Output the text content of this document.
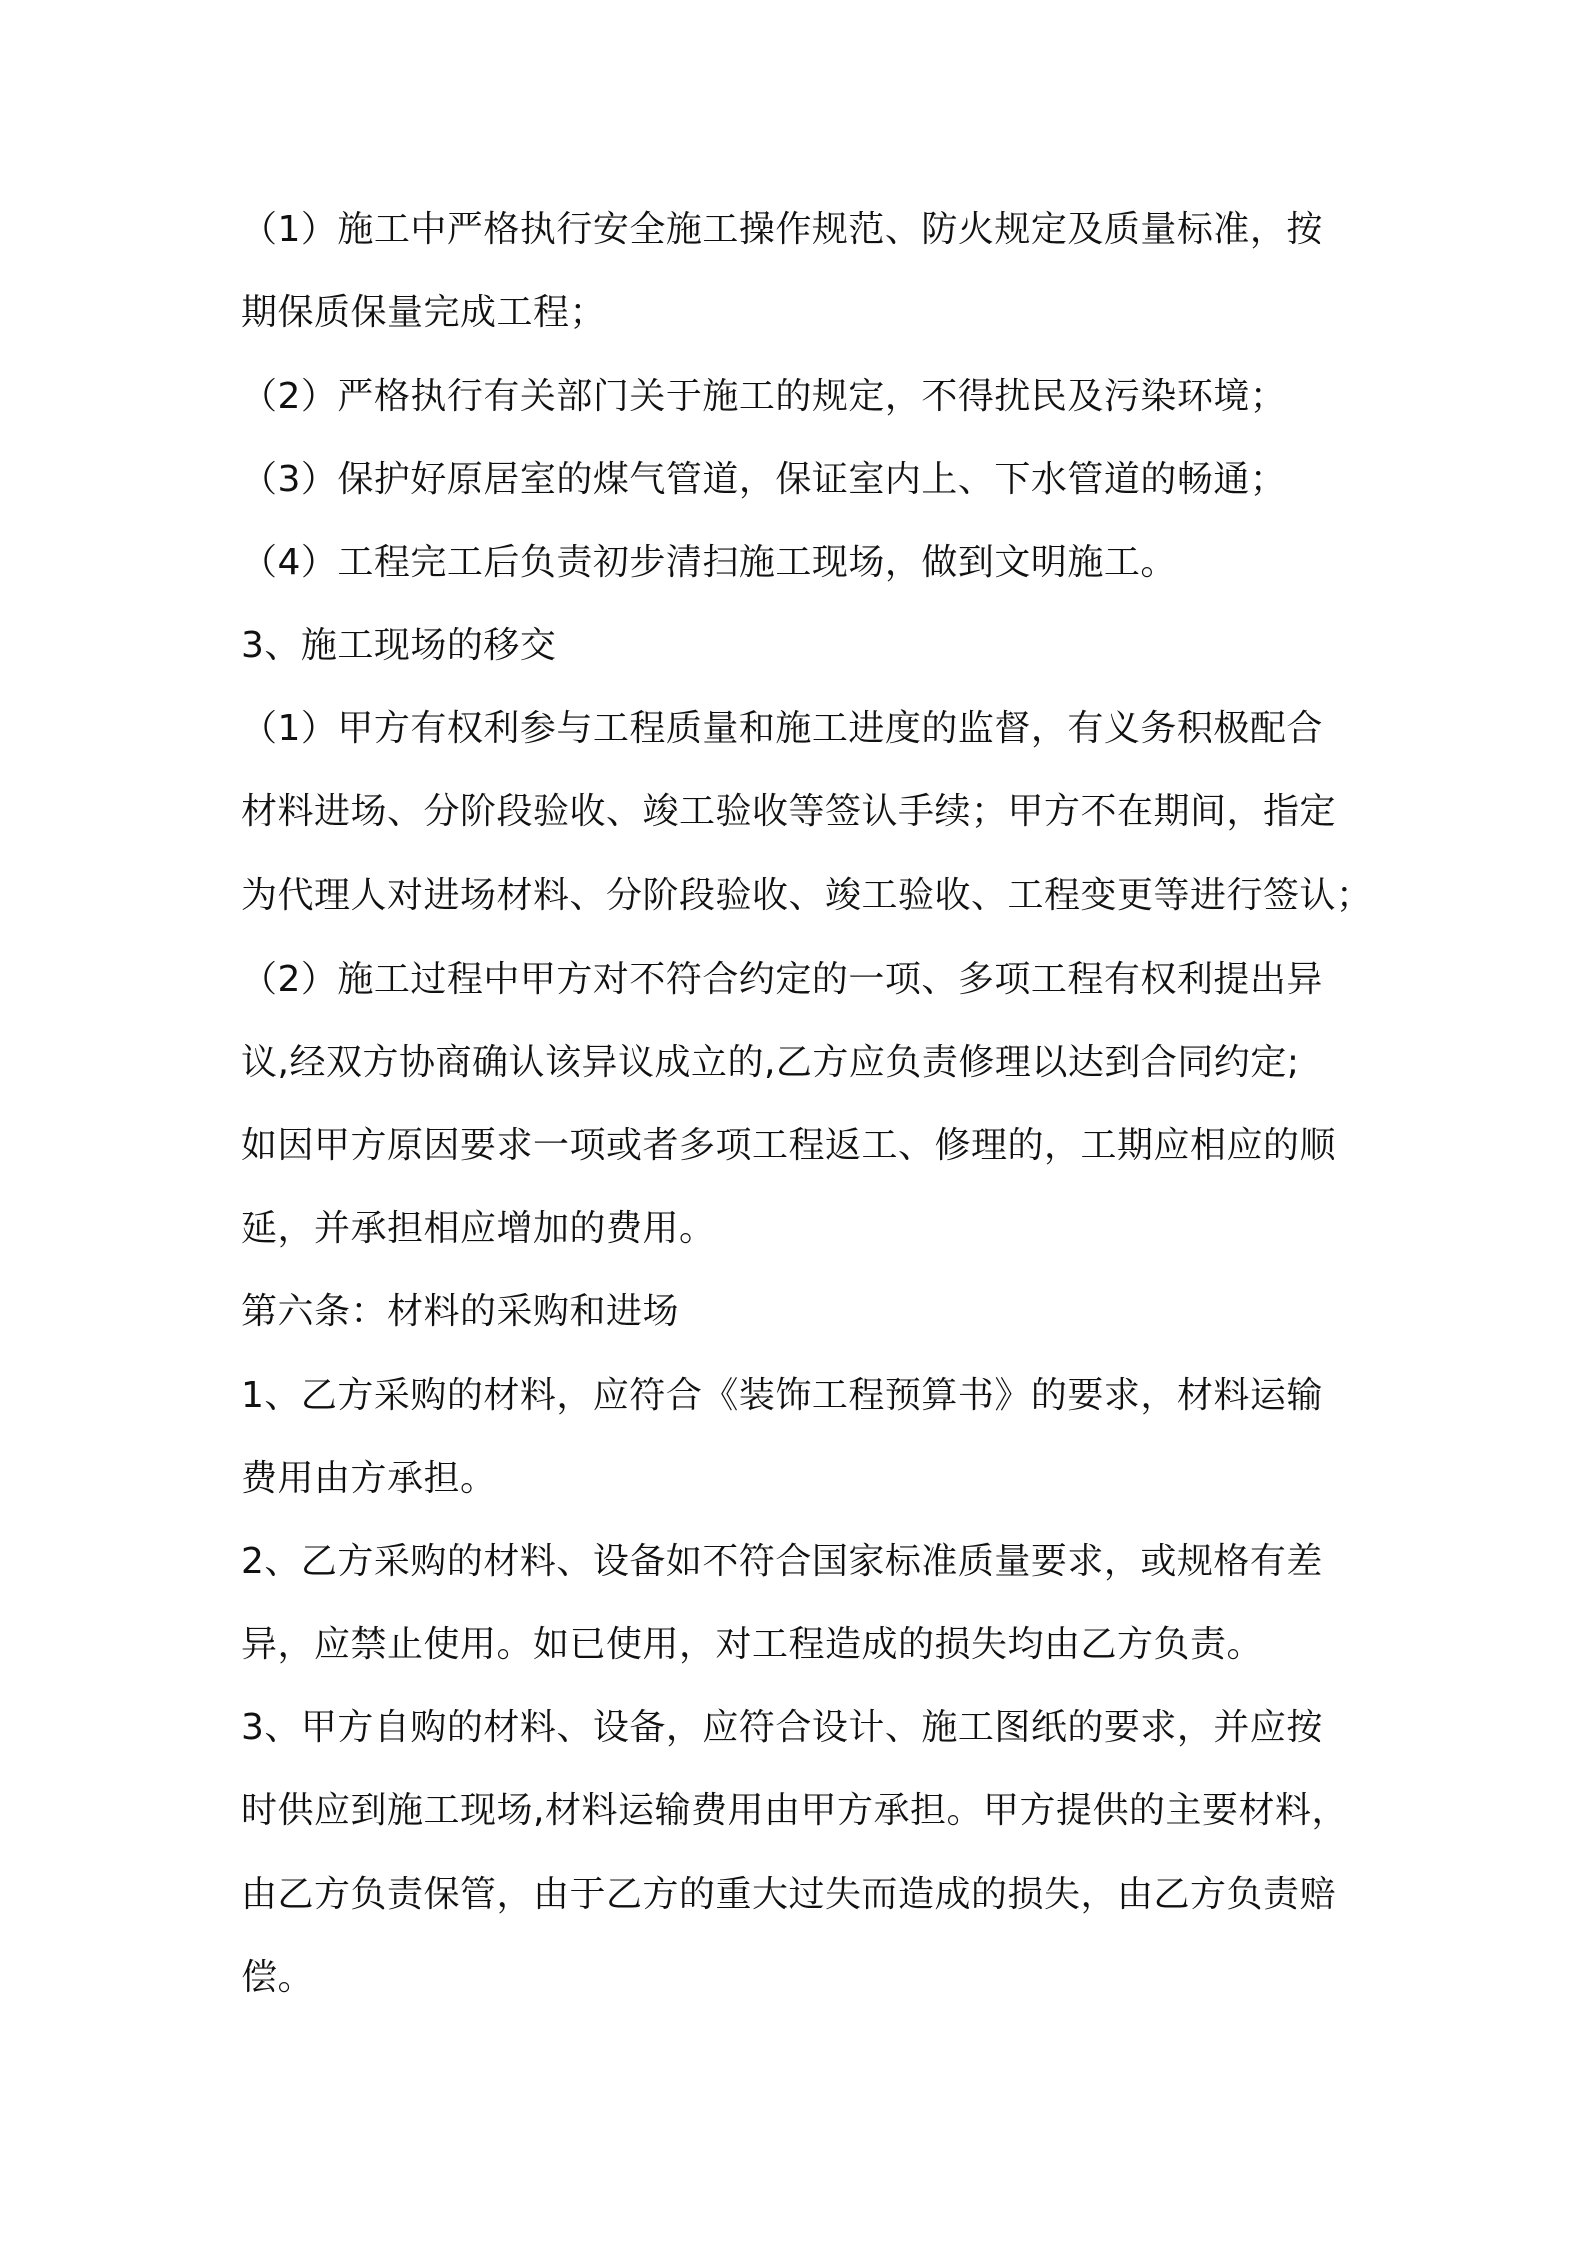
（1）施工中严格执行安全施工操作规范、防火规定及质量标准，按
期保质保量完成工程；
（2）严格执行有关部门关于施工的规定，不得扰民及污染环境；
（3）保护好原居室的煤气管道，保证室内上、下水管道的畅通；
（4）工程完工后负责初步清扫施工现场，做到文明施工。
3、施工现场的移交
（1）甲方有权利参与工程质量和施工进度的监督，有义务积极配合
材料进场、分阶段验收、竣工验收等签认手续；甲方不在期间，指定
为代理人对进场材料、分阶段验收、竣工验收、工程变更等进行签认；
（2）施工过程中甲方对不符合约定的一项、多项工程有权利提出异
议,经双方协商确认该异议成立的,乙方应负责修理以达到合同约定;
如因甲方原因要求一项或者多项工程返工、修理的，工期应相应的顺
延，并承担相应增加的费用。
第六条：材料的采购和进场
1、乙方采购的材料，应符合《装饰工程预算书》的要求，材料运输
费用由方承担。
2、乙方采购的材料、设备如不符合国家标准质量要求，或规格有差
异，应禁止使用。如已使用，对工程造成的损失均由乙方负责。
3、甲方自购的材料、设备，应符合设计、施工图纸的要求，并应按
时供应到施工现场,材料运输费用由甲方承担。甲方提供的主要材料，
由乙方负责保管，由于乙方的重大过失而造成的损失，由乙方负责赔
偿。
